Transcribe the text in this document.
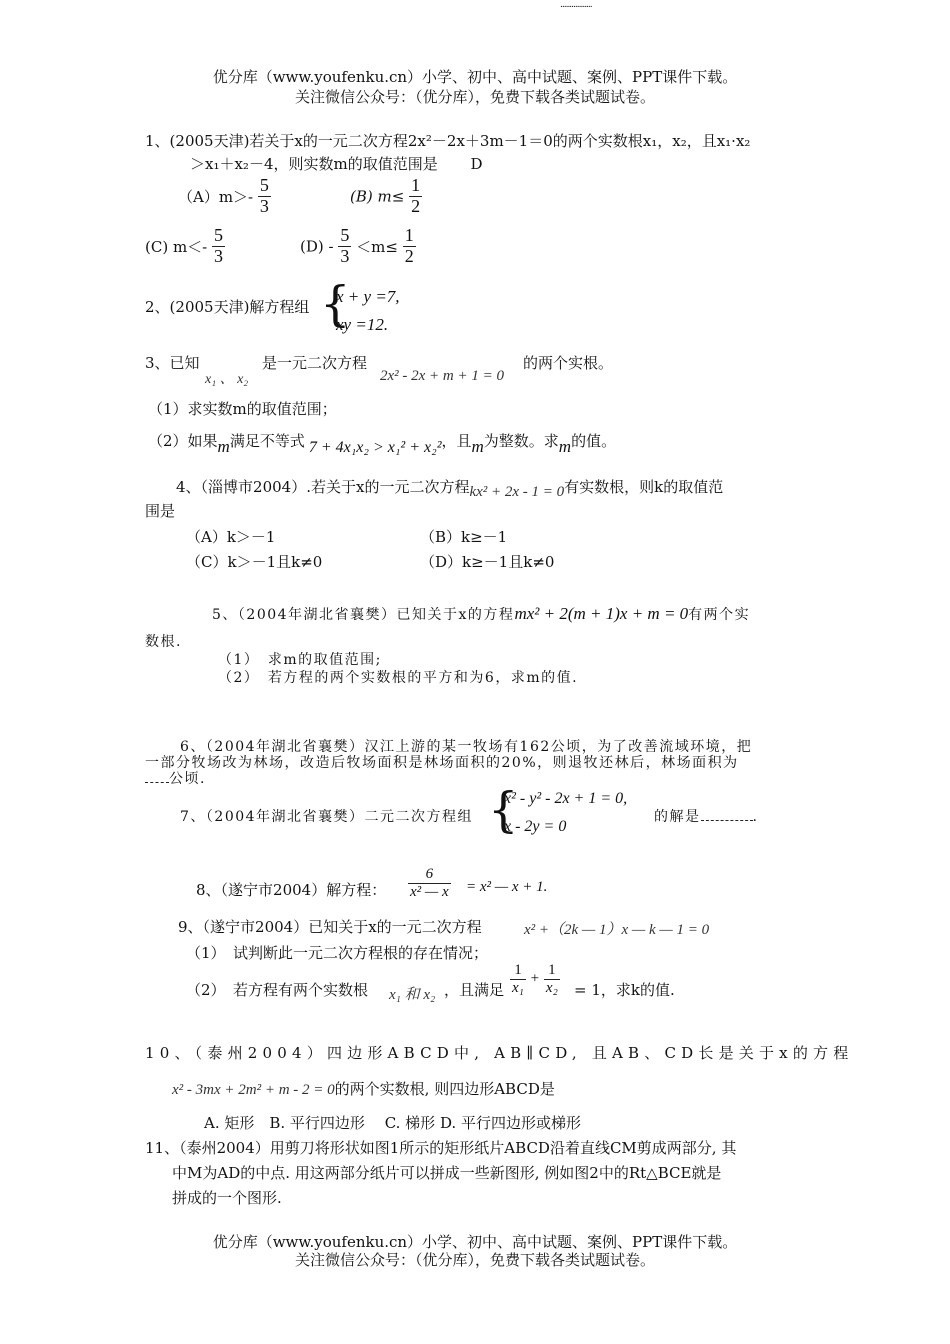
.................
优分库（www.youfenku.cn）小学、初中、高中试题、案例、PPT课件下载。
关注微信公众号：（优分库），免费下载各类试题试卷。
1、(2005天津)若关于x的一元二次方程2x²－2x＋3m－1＝0的两个实数根x₁，x₂，且x₁·x₂
＞x₁＋x₂－4，则实数m的取值范围是 D
$(A)m>- \frac{5}{3}$	(B) $m\le \frac{1}{2}$
(C) $m<- \frac{5}{3}$	$(D) - \frac{5}{3} <m\le \frac{1}{2}$
2、(2005天津)解方程组 {
x + y =7,
xy =12.
3、已知
x₁ 、 x₂
是一元二次方程
2x² - 2x + m + 1 = 0
的两个实根。
（1）求实数m的取值范围；
（2）如果m满足不等式 7 + 4x₁x₂ > x₁² + x₂²，且m为整数。求m的值。
4、（淄博市2004）.若关于x的一元二次方程kx² + 2x - 1 = 0有实数根，则k的取值范
围是
（A）k＞－1	（B）k≥－1
（C）k＞－1且k≠0	（D）k≥－1且k≠0
5、（2004年湖北省襄樊）已知关于x的方程mx² + 2(m + 1)x + m = 0有两个实
数根.
（1）　求m的取值范围;
（2）　若方程的两个实数根的平方和为6，求m的值.
6、（2004年湖北省襄樊）汉江上游的某一牧场有162公顷，为了改善流域环境，把
一部分牧场改为林场，改造后牧场面积是林场面积的20%，则退牧还林后，林场面积为
公顷.
7、（2004年湖北省襄樊）二元二次方程组 {
x² - y² - 2x + 1 = 0,
x - 2y = 0
的解是	.
8、（遂宁市2004）解方程： $\frac{6}{\text{x² — x}} = x^2$ — x + 1.
9、（遂宁市2004）已知关于x的一元二次方程	x² +（2k — 1）x — k — 1 = 0
（1）　试判断此一元二次方程根的存在情况；
（2）　若方程有两个实数根 x₁ 和 x₂ ，且满足 $\frac{1}{\text{x₁}} + \frac{1}{\text{x₂}} = 1$，求k的值.
10、（泰州2004）四边形ABCD中, AB∥CD, 且AB、CD长是关于x的方程
x² - 3mx + 2m² + m - 2 = 0的两个实数根, 则四边形ABCD是
A. 矩形　B. 平行四边形　 C. 梯形 D. 平行四边形或梯形
11、（泰州2004）用剪刀将形状如图1所示的矩形纸片ABCD沿着直线CM剪成两部分, 其
中M为AD的中点. 用这两部分纸片可以拼成一些新图形, 例如图2中的Rt△BCE就是
拼成的一个图形.
优分库（www.youfenku.cn）小学、初中、高中试题、案例、PPT课件下载。
关注微信公众号：（优分库），免费下载各类试题试卷。
